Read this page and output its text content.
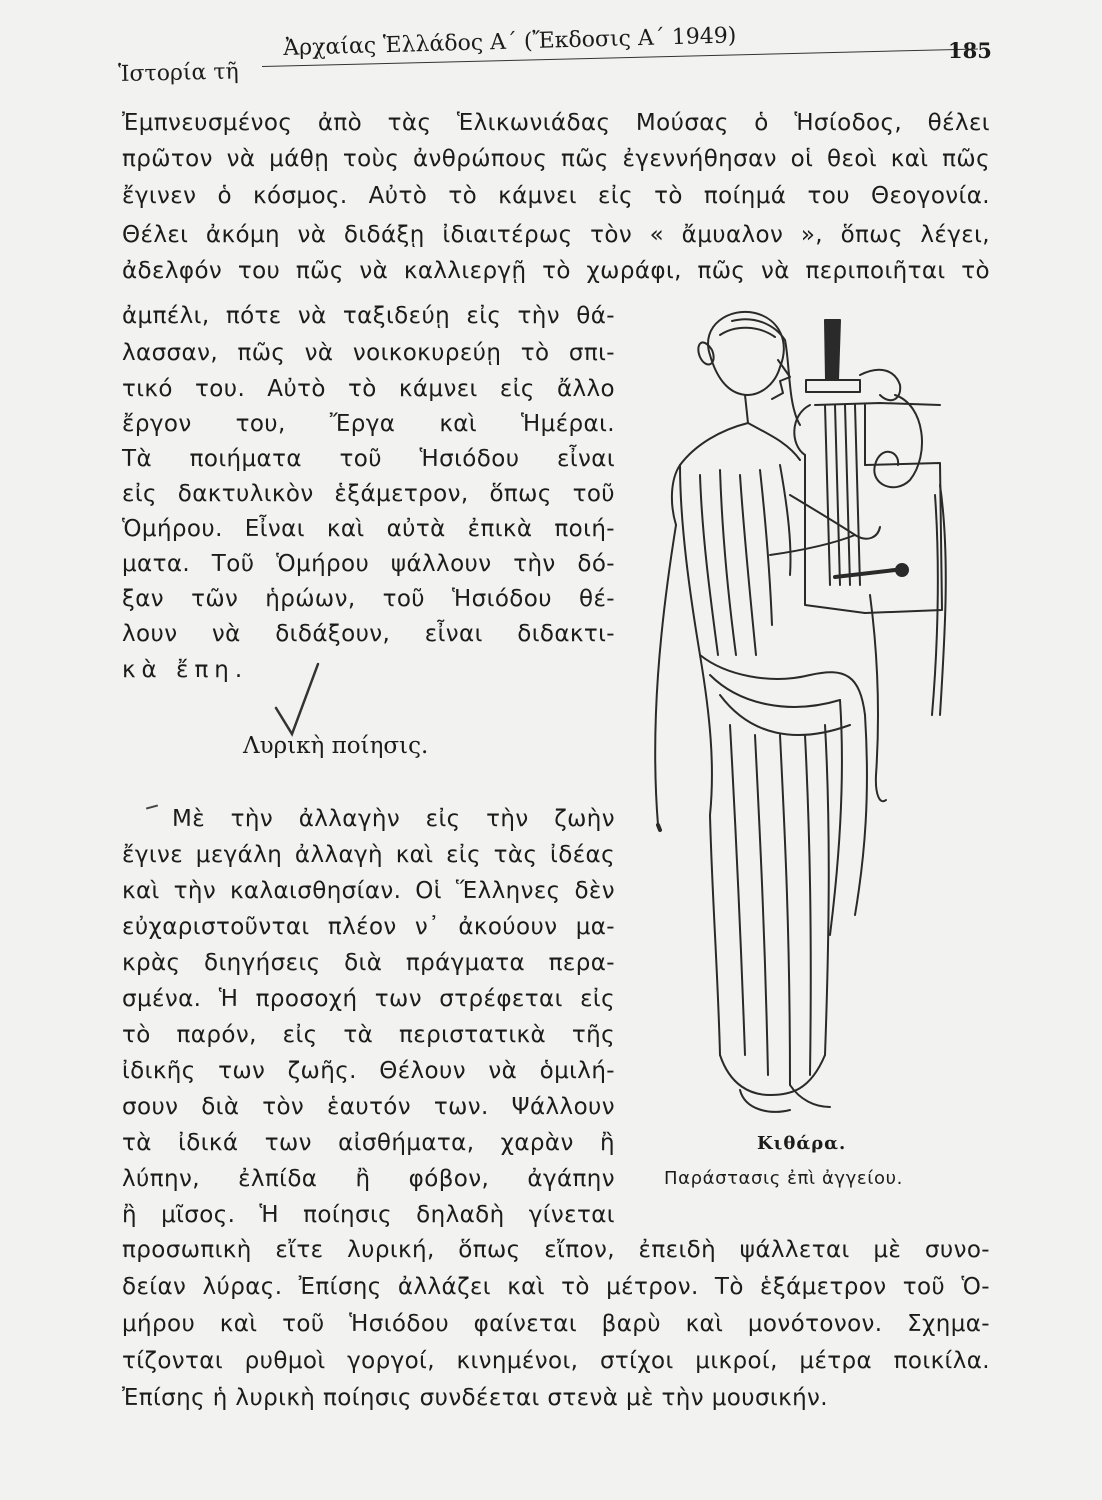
Ἱστορία τῆ
Ἀρχαίας Ἑλλάδος Α΄ (Ἔκδοσις Α΄ 1949)	185
Ἐμπνευσμένος ἀπὸ τὰς Ἑλικωνιάδας Μούσας ὁ Ἡσίοδος, θέλει
πρῶτον νὰ μάθῃ τοὺς ἀνθρώπους πῶς ἐγεννήθησαν οἱ θεοὶ καὶ πῶς
ἔγινεν ὁ κόσμος. Αὐτὸ τὸ κάμνει εἰς τὸ ποίημά του Θεογονία.
Θέλει ἀκόμη νὰ διδάξῃ ἰδιαιτέρως τὸν « ἄμυαλον », ὅπως λέγει,
ἀδελφόν του πῶς νὰ καλλιεργῇ τὸ χωράφι, πῶς νὰ περιποιῆται τὸ
ἀμπέλι, πότε νὰ ταξιδεύῃ εἰς τὴν θά-
λασσαν, πῶς νὰ νοικοκυρεύῃ τὸ σπι-
τικό του. Αὐτὸ τὸ κάμνει εἰς ἄλλο
ἔργον του, Ἔργα καὶ Ἡμέραι.
Τὰ ποιήματα τοῦ Ἡσιόδου εἶναι
εἰς δακτυλικὸν ἑξάμετρον, ὅπως τοῦ
Ὁμήρου. Εἶναι καὶ αὐτὰ ἐπικὰ ποιή-
ματα. Τοῦ Ὁμήρου ψάλλουν τὴν δό-
ξαν τῶν ἡρώων, τοῦ Ἡσιόδου θέ-
λουν νὰ διδάξουν, εἶναι διδακτι-
κὰ ἔπη.
Λυρικὴ ποίησις.
Μὲ τὴν ἀλλαγὴν εἰς τὴν ζωὴν
ἔγινε μεγάλη ἀλλαγὴ καὶ εἰς τὰς ἰδέας
καὶ τὴν καλαισθησίαν. Οἱ Ἕλληνες δὲν
εὐχαριστοῦνται πλέον ν᾿ ἀκούουν μα-
κρὰς διηγήσεις διὰ πράγματα περα-
σμένα. Ἡ προσοχή των στρέφεται εἰς
τὸ παρόν, εἰς τὰ περιστατικὰ τῆς
ἰδικῆς των ζωῆς. Θέλουν νὰ ὁμιλή-
σουν διὰ τὸν ἑαυτόν των. Ψάλλουν
τὰ ἰδικά των αἰσθήματα, χαρὰν ἢ
λύπην, ἐλπίδα ἢ φόβον, ἀγάπην
ἢ μῖσος. Ἡ ποίησις δηλαδὴ γίνεται
προσωπικὴ εἴτε λυρική, ὅπως εἴπον, ἐπειδὴ ψάλλεται μὲ συνο-
δείαν λύρας. Ἐπίσης ἀλλάζει καὶ τὸ μέτρον. Τὸ ἑξάμετρον τοῦ Ὁ-
μήρου καὶ τοῦ Ἡσιόδου φαίνεται βαρὺ καὶ μονότονον. Σχημα-
τίζονται ρυθμοὶ γοργοί, κινημένοι, στίχοι μικροί, μέτρα ποικίλα.
Ἐπίσης ἡ λυρικὴ ποίησις συνδέεται στενὰ μὲ τὴν μουσικήν.
Κιθάρα.
Παράστασις ἐπὶ ἀγγείου.
